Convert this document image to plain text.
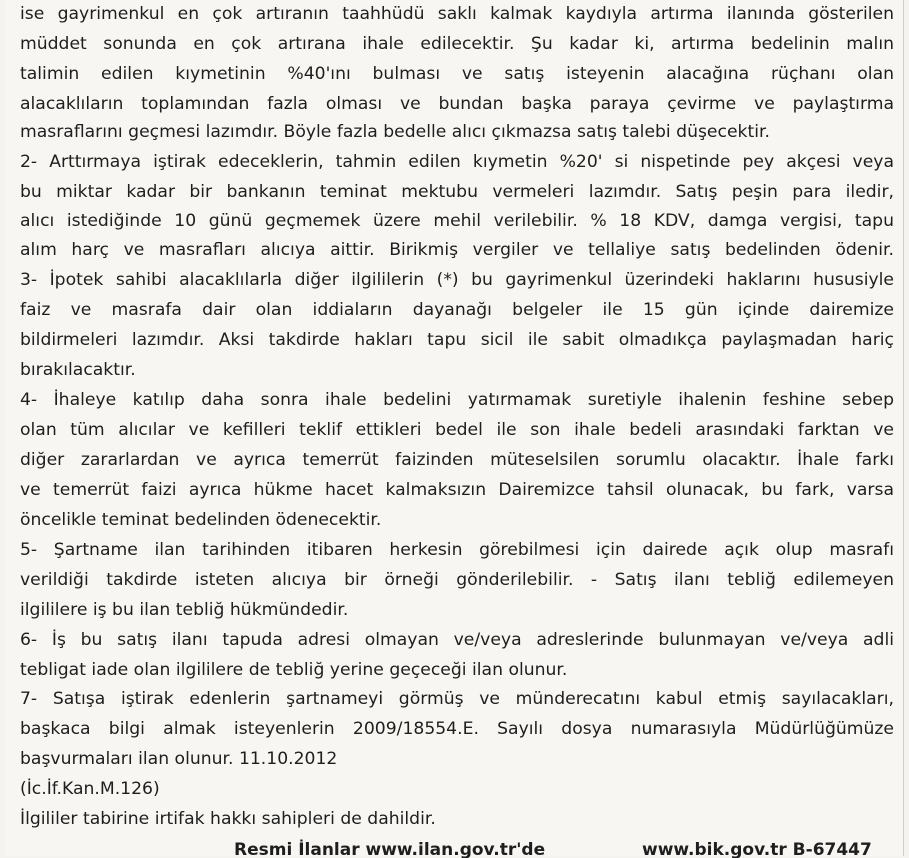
ise gayrimenkul en çok artıranın taahhüdü saklı kalmak kaydıyla artırma ilanında gösterilen
müddet sonunda en çok artırana ihale edilecektir. Şu kadar ki, artırma bedelinin malın
talimin edilen kıymetinin %40'ını bulması ve satış isteyenin alacağına rüçhanı olan
alacaklıların toplamından fazla olması ve bundan başka paraya çevirme ve paylaştırma
masraflarını geçmesi lazımdır. Böyle fazla bedelle alıcı çıkmazsa satış talebi düşecektir.
2- Arttırmaya iştirak edeceklerin, tahmin edilen kıymetin %20' si nispetinde pey akçesi veya
bu miktar kadar bir bankanın teminat mektubu vermeleri lazımdır. Satış peşin para iledir,
alıcı istediğinde 10 günü geçmemek üzere mehil verilebilir. % 18 KDV, damga vergisi, tapu
alım harç ve masrafları alıcıya aittir. Birikmiş vergiler ve tellaliye satış bedelinden ödenir.
3- İpotek sahibi alacaklılarla diğer ilgililerin (*) bu gayrimenkul üzerindeki haklarını hususiyle
faiz ve masrafa dair olan iddiaların dayanağı belgeler ile 15 gün içinde dairemize
bildirmeleri lazımdır. Aksi takdirde hakları tapu sicil ile sabit olmadıkça paylaşmadan hariç
bırakılacaktır.
4- İhaleye katılıp daha sonra ihale bedelini yatırmamak suretiyle ihalenin feshine sebep
olan tüm alıcılar ve kefilleri teklif ettikleri bedel ile son ihale bedeli arasındaki farktan ve
diğer zararlardan ve ayrıca temerrüt faizinden müteselsilen sorumlu olacaktır. İhale farkı
ve temerrüt faizi ayrıca hükme hacet kalmaksızın Dairemizce tahsil olunacak, bu fark, varsa
öncelikle teminat bedelinden ödenecektir.
5- Şartname ilan tarihinden itibaren herkesin görebilmesi için dairede açık olup masrafı
verildiği takdirde isteten alıcıya bir örneği gönderilebilir. - Satış ilanı tebliğ edilemeyen
ilgililere iş bu ilan tebliğ hükmündedir.
6- İş bu satış ilanı tapuda adresi olmayan ve/veya adreslerinde bulunmayan ve/veya adli
tebligat iade olan ilgililere de tebliğ yerine geçeceği ilan olunur.
7- Satışa iştirak edenlerin şartnameyi görmüş ve münderecatını kabul etmiş sayılacakları,
başkaca bilgi almak isteyenlerin 2009/18554.E. Sayılı dosya numarasıyla Müdürlüğümüze
başvurmaları ilan olunur. 11.10.2012
(İc.İf.Kan.M.126)
İlgililer tabirine irtifak hakkı sahipleri de dahildir.
Resmi İlanlar www.ilan.gov.tr'de	www.bik.gov.tr B-67447
